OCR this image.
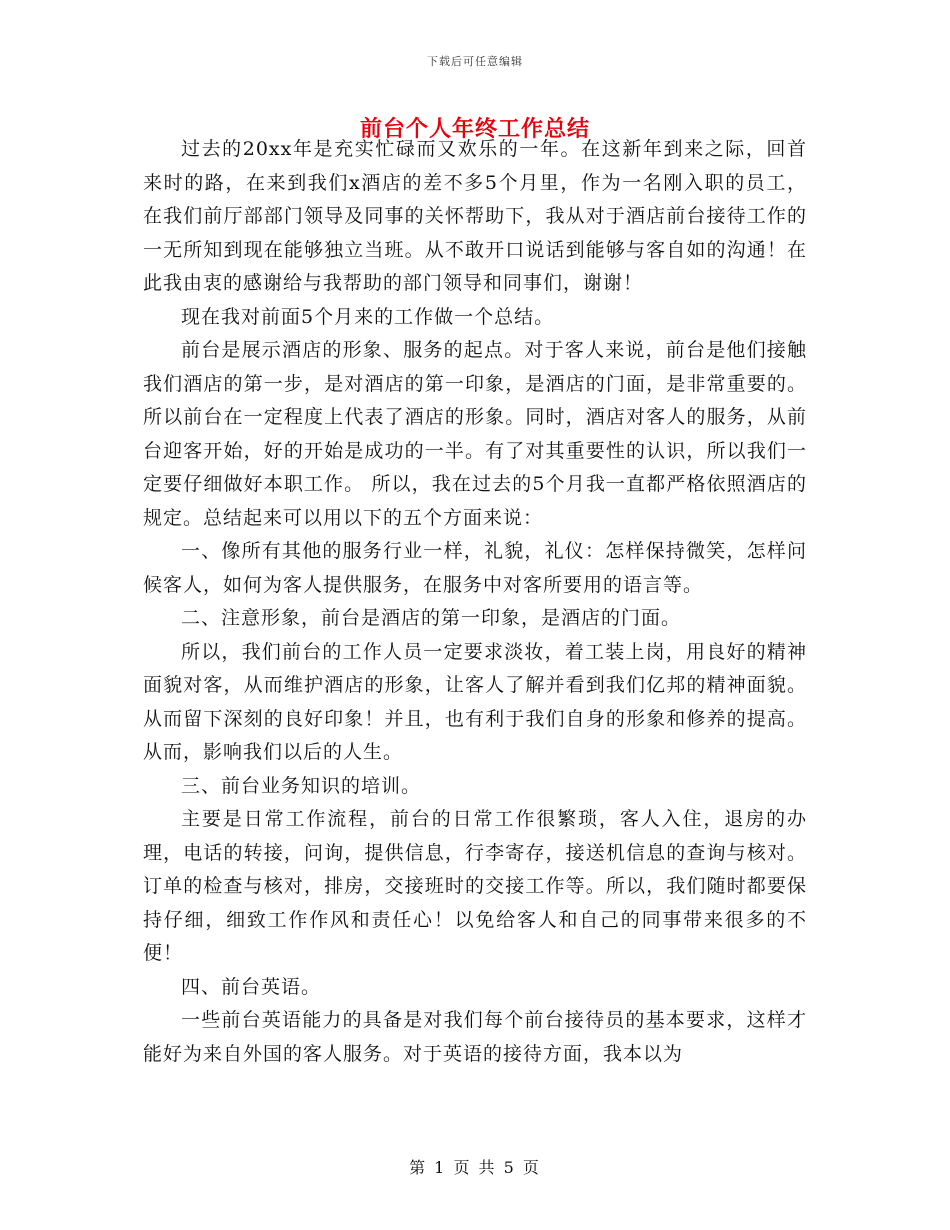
下载后可任意编辑
前台个人年终工作总结

过去的20xx年是充实忙碌而又欢乐的一年。在这新年到来之际，回首来时的路，在来到我们x酒店的差不多5个月里，作为一名刚入职的员工，在我们前厅部部门领导及同事的关怀帮助下，我从对于酒店前台接待工作的一无所知到现在能够独立当班。从不敢开口说话到能够与客自如的沟通！在此我由衷的感谢给与我帮助的部门领导和同事们，谢谢！

现在我对前面5个月来的工作做一个总结。

前台是展示酒店的形象、服务的起点。对于客人来说，前台是他们接触我们酒店的第一步，是对酒店的第一印象，是酒店的门面，是非常重要的。所以前台在一定程度上代表了酒店的形象。同时，酒店对客人的服务，从前台迎客开始，好的开始是成功的一半。有了对其重要性的认识，所以我们一定要仔细做好本职工作。 所以，我在过去的5个月我一直都严格依照酒店的规定。总结起来可以用以下的五个方面来说：

一、像所有其他的服务行业一样，礼貌，礼仪：怎样保持微笑，怎样问候客人，如何为客人提供服务，在服务中对客所要用的语言等。

二、注意形象，前台是酒店的第一印象，是酒店的门面。

所以，我们前台的工作人员一定要求淡妆，着工装上岗，用良好的精神面貌对客，从而维护酒店的形象，让客人了解并看到我们亿邦的精神面貌。从而留下深刻的良好印象！并且，也有利于我们自身的形象和修养的提高。从而，影响我们以后的人生。

三、前台业务知识的培训。

主要是日常工作流程，前台的日常工作很繁琐，客人入住，退房的办理，电话的转接，问询，提供信息，行李寄存，接送机信息的查询与核对。订单的检查与核对，排房，交接班时的交接工作等。所以，我们随时都要保持仔细，细致工作作风和责任心！以免给客人和自己的同事带来很多的不便！

四、前台英语。

一些前台英语能力的具备是对我们每个前台接待员的基本要求，这样才能好为来自外国的客人服务。对于英语的接待方面，我本以为

第 1 页 共 5 页
